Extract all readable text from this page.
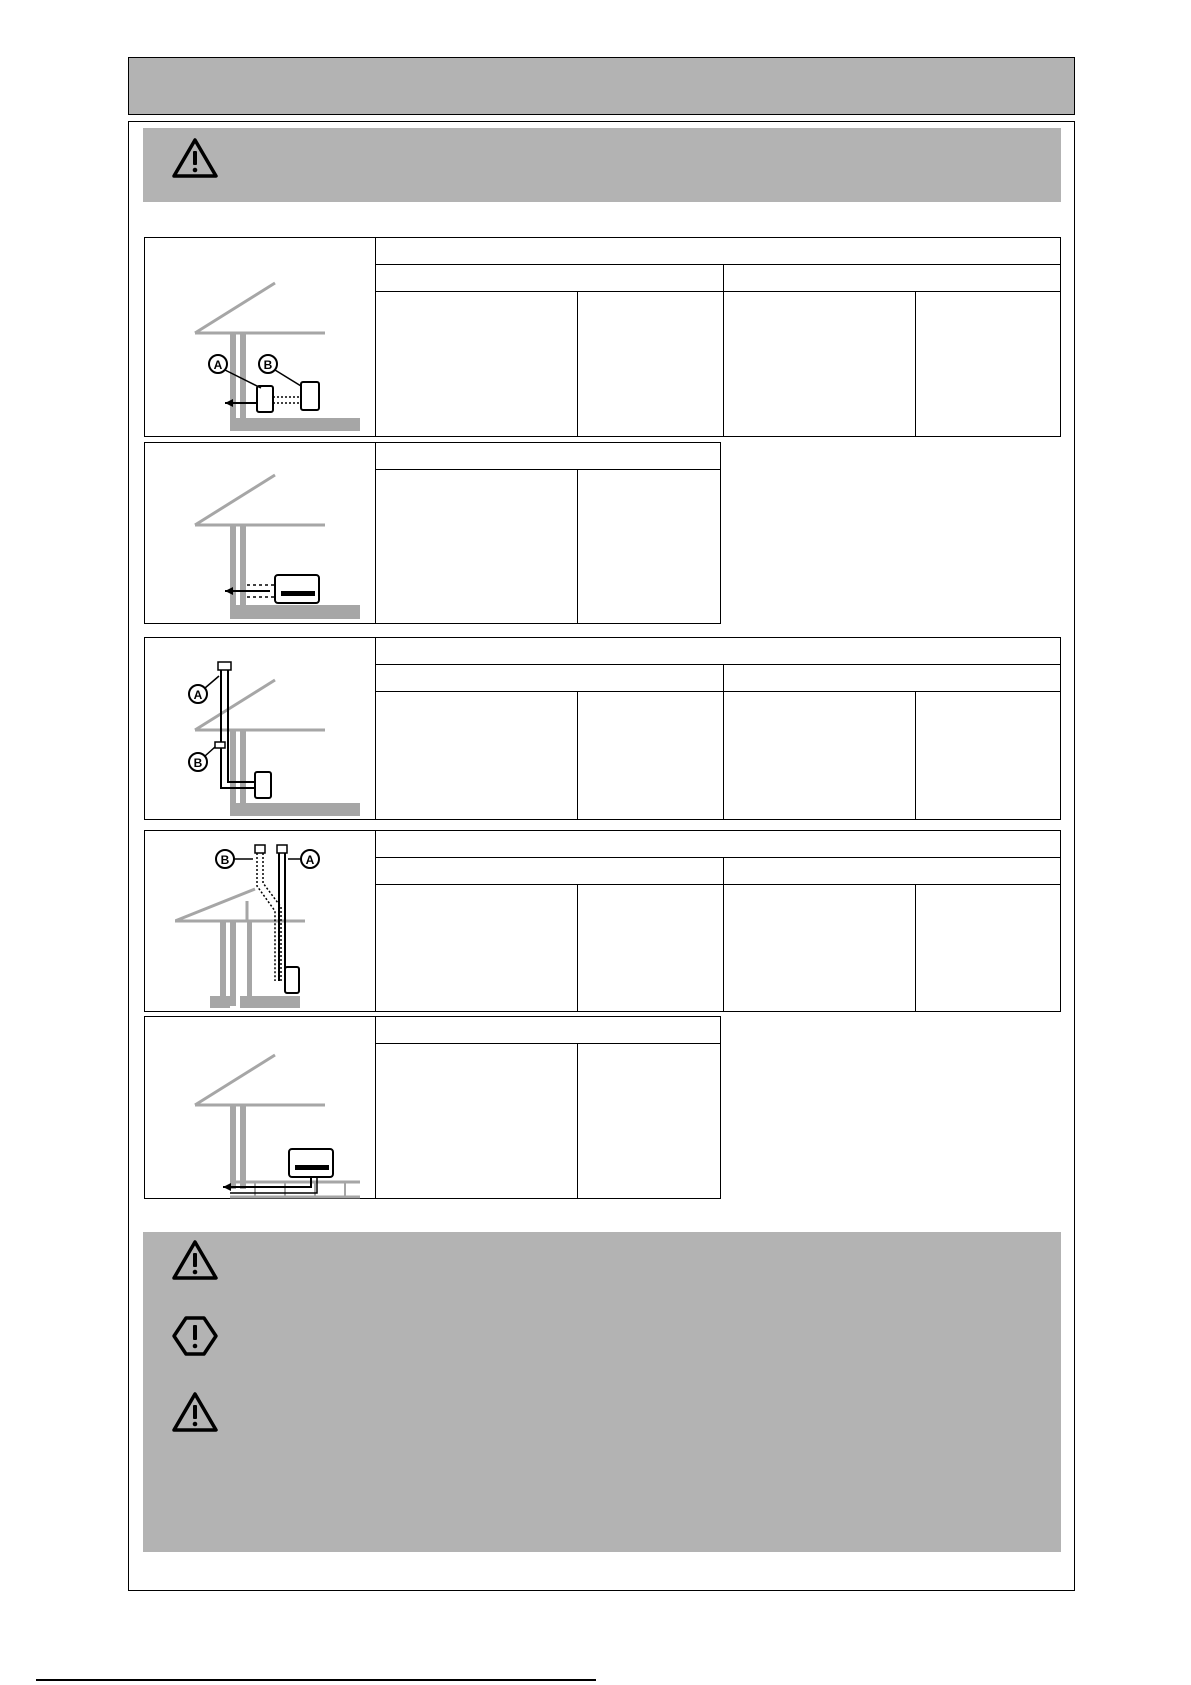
A	B
A
B
B	A
